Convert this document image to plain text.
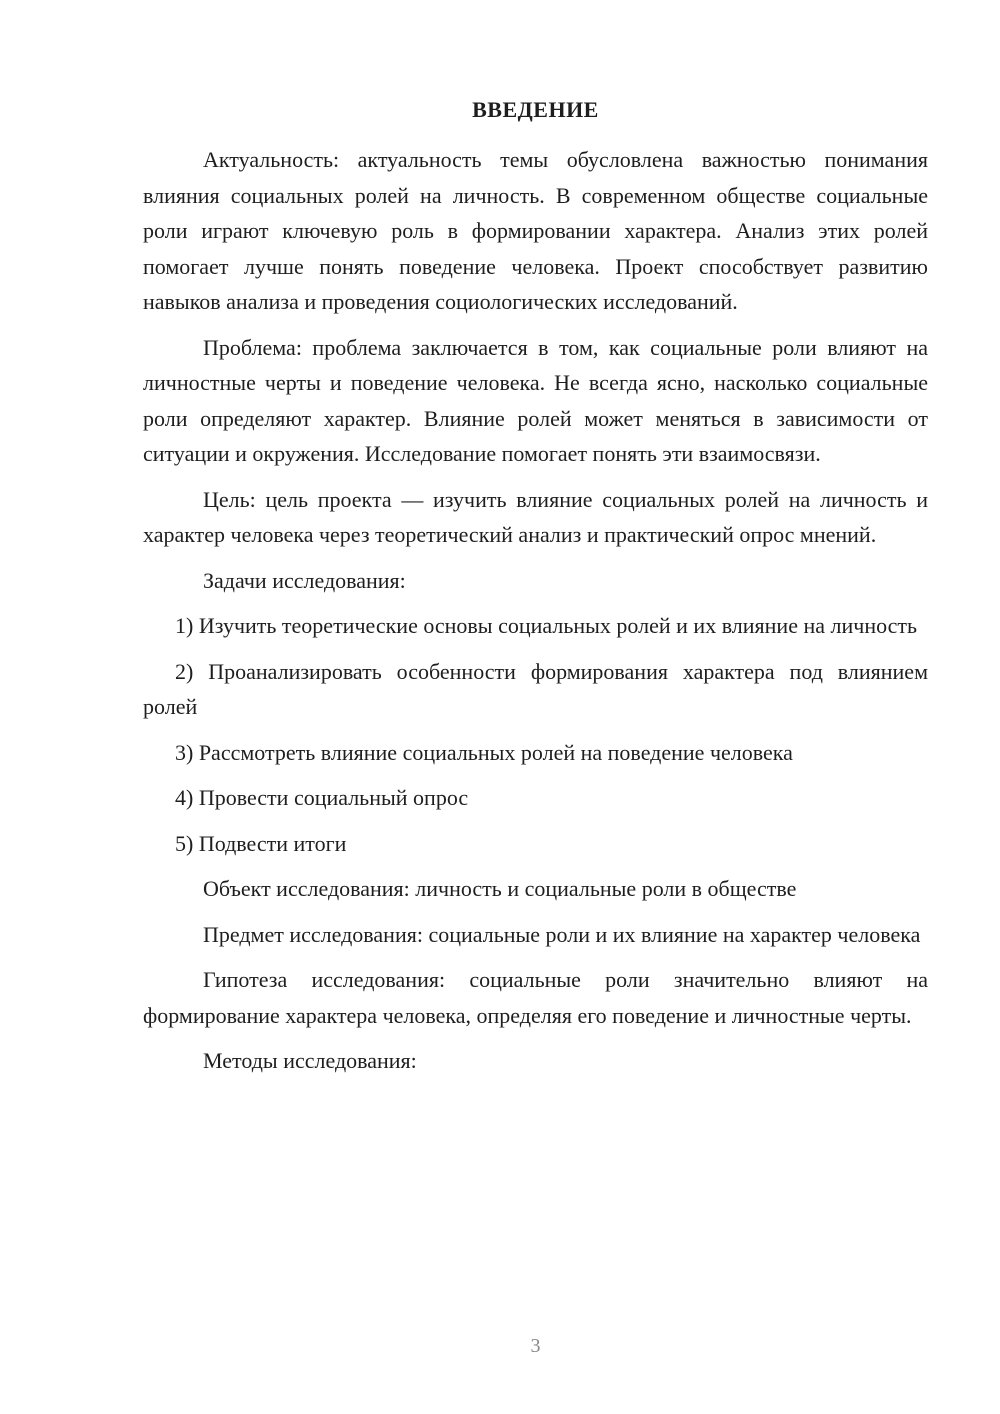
ВВЕДЕНИЕ

Актуальность: актуальность темы обусловлена важностью понимания влияния социальных ролей на личность. В современном обществе социальные роли играют ключевую роль в формировании характера. Анализ этих ролей помогает лучше понять поведение человека. Проект способствует развитию навыков анализа и проведения социологических исследований.

Проблема: проблема заключается в том, как социальные роли влияют на личностные черты и поведение человека. Не всегда ясно, насколько социальные роли определяют характер. Влияние ролей может меняться в зависимости от ситуации и окружения. Исследование помогает понять эти взаимосвязи.

Цель: цель проекта — изучить влияние социальных ролей на личность и характер человека через теоретический анализ и практический опрос мнений.

Задачи исследования:

1) Изучить теоретические основы социальных ролей и их влияние на личность

2) Проанализировать особенности формирования характера под влиянием ролей

3) Рассмотреть влияние социальных ролей на поведение человека

4) Провести социальный опрос

5) Подвести итоги

Объект исследования: личность и социальные роли в обществе

Предмет исследования: социальные роли и их влияние на характер человека

Гипотеза исследования: социальные роли значительно влияют на формирование характера человека, определяя его поведение и личностные черты.

Методы исследования:

3
